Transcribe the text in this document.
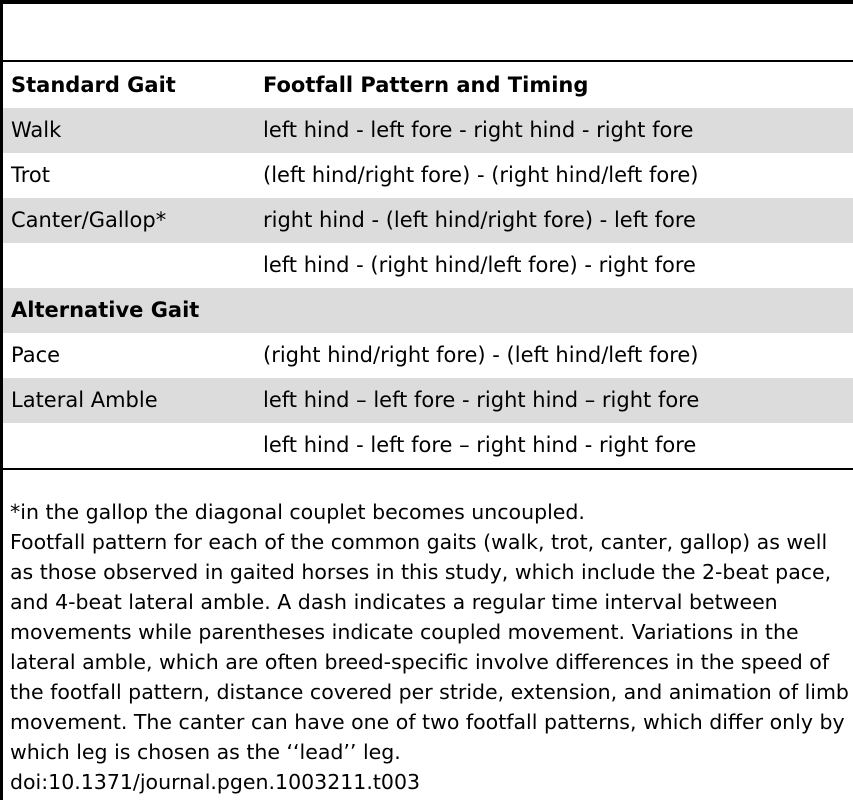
Standard Gait	Footfall Pattern and Timing
Walk	left hind - left fore - right hind - right fore
Trot	(left hind/right fore) - (right hind/left fore)
Canter/Gallop*	right hind - (left hind/right fore) - left fore
left hind - (right hind/left fore) - right fore
Alternative Gait
Pace	(right hind/right fore) - (left hind/left fore)
Lateral Amble	left hind – left fore - right hind – right fore
left hind - left fore – right hind - right fore

*in the gallop the diagonal couplet becomes uncoupled.

Footfall pattern for each of the common gaits (walk, trot, canter, gallop) as well as those observed in gaited horses in this study, which include the 2-beat pace, and 4-beat lateral amble. A dash indicates a regular time interval between movements while parentheses indicate coupled movement. Variations in the lateral amble, which are often breed-specific involve differences in the speed of the footfall pattern, distance covered per stride, extension, and animation of limb movement. The canter can have one of two footfall patterns, which differ only by which leg is chosen as the ‘‘lead’’ leg.

doi:10.1371/journal.pgen.1003211.t003
